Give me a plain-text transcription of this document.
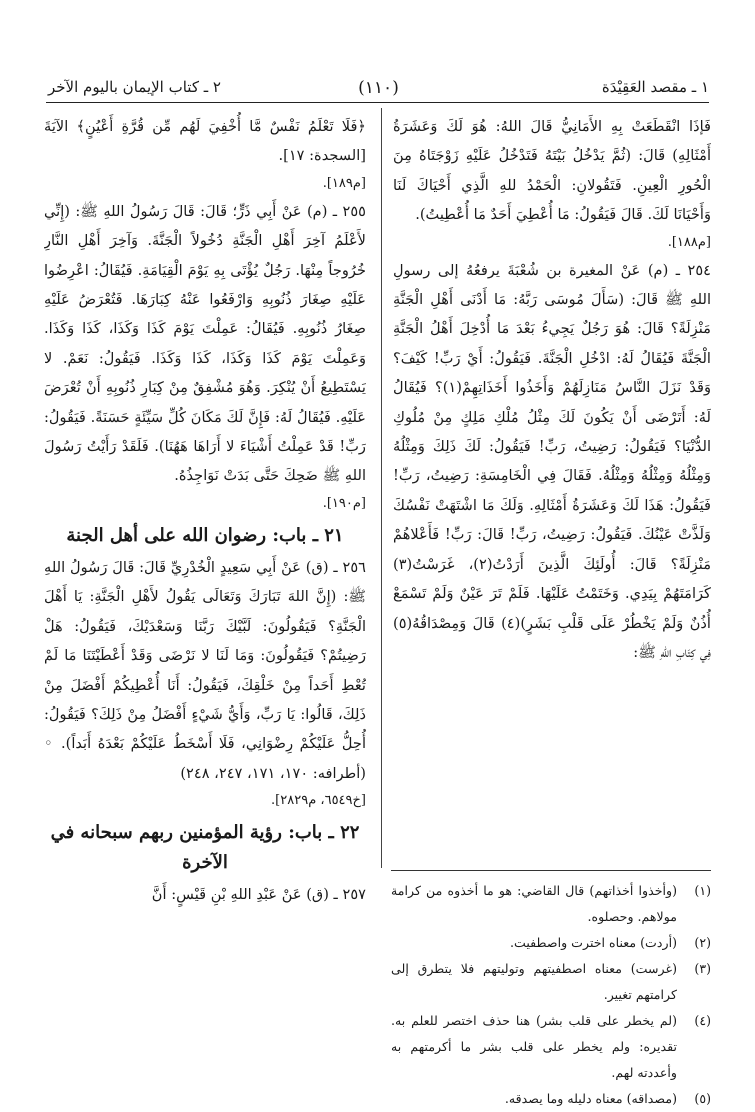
١ ـ مقصد العَقِيْدَة
(١١٠)
٢ ـ كتاب الإيمان باليوم الآخر

فَإذَا انْقَطَعَتْ بِهِ الأَمَانِيُّ قَالَ اللهُ: هُوَ لَكَ وَعَشَرَةُ أَمْثَالِهِ) قَالَ: (ثُمَّ يَدْخُلُ بَيْتَهُ فَتَدْخُلُ عَلَيْهِ زَوْجَتَاهُ مِنَ الْحُورِ الْعِينِ. فَتَقُولانِ: الْحَمْدُ للهِ الَّذِي أَحْيَاكَ لَنَا وَأَحْيَانَا لَكَ. قَالَ فَيَقُولُ: مَا أُعْطِيَ أَحَدٌ مَا أُعْطِيتُ).
[م١٨٨].

٢٥٤ ـ (م) عَنْ المغيرة بن شُعْبَةَ يرفعُهُ إلى رسولِ اللهِ ﷺ قَالَ: (سَأَلَ مُوسَى رَبَّهُ: مَا أَدْنَى أَهْلِ الْجَنَّةِ مَنْزِلَةً؟ قَالَ: هُوَ رَجُلٌ يَجِيءُ بَعْدَ مَا أُدْخِلَ أَهْلُ الْجَنَّةِ الْجَنَّةَ فَيُقَالُ لَهُ: ادْخُلِ الْجَنَّةَ. فَيَقُولُ: أَيْ رَبِّ! كَيْفَ؟ وَقَدْ نَزَلَ النَّاسُ مَنَازِلَهُمْ وَأَخَذُوا أَخَذَاتِهِمْ(١)؟ فَيُقَالُ لَهُ: أَتَرْضَى أَنْ يَكُونَ لَكَ مِثْلُ مُلْكِ مَلِكٍ مِنْ مُلُوكِ الدُّنْيَا؟ فَيَقُولُ: رَضِيتُ، رَبِّ! فَيَقُولُ: لَكَ ذَلِكَ وَمِثْلُهُ وَمِثْلُهُ وَمِثْلُهُ وَمِثْلُهُ. فَقَالَ فِي الْخَامِسَةِ: رَضِيتُ، رَبِّ! فَيَقُولُ: هَذَا لَكَ وَعَشَرَةُ أَمْثَالِهِ. وَلَكَ مَا اشْتَهَتْ نَفْسُكَ وَلَذَّتْ عَيْنُكَ. فَيَقُولُ: رَضِيتُ، رَبِّ! قَالَ: رَبِّ! فَأَعْلاهُمْ مَنْزِلَةً؟ قَالَ: أُولَئِكَ الَّذِينَ أَرَدْتُ(٢)، غَرَسْتُ(٣) كَرَامَتَهُمْ بِيَدِي. وَخَتَمْتُ عَلَيْهَا. فَلَمْ تَرَ عَيْنٌ وَلَمْ تَسْمَعْ أُذُنٌ وَلَمْ يَخْطُرْ عَلَى قَلْبِ بَشَرٍ)(٤) قَالَ وَمِصْدَاقُهُ(٥) فِي كِتَابِ اللهِ ﷺ:

(١)
(وأخذوا أخذاتهم) قال القاضي: هو ما أخذوه من كرامة مولاهم. وحصلوه.
(٢)
(أردت) معناه اخترت واصطفيت.
(٣)
(غرست) معناه اصطفيتهم وتوليتهم فلا يتطرق إلى كرامتهم تغيير.
(٤)
(لم يخطر على قلب بشر) هنا حذف اختصر للعلم به. تقديره: ولم يخطر على قلب بشر ما أكرمتهم به وأعددته لهم.
(٥)
(مصداقه) معناه دليله وما يصدقه.

﴿فَلَا تَعْلَمُ نَفْسٌ مَّا أُخْفِيَ لَهُم مِّن قُرَّةِ أَعْيُنٍ﴾ الآيَةَ [السجدة: ١٧].
[م١٨٩].

٢٥٥ ـ (م) عَنْ أَبِي ذَرٍّ؛ قَالَ: قَالَ رَسُولُ اللهِ ﷺ: (إِنِّي لأَعْلَمُ آخِرَ أَهْلِ الْجَنَّةِ دُخُولاً الْجَنَّةَ. وَآخِرَ أَهْلِ النَّارِ خُرُوجاً مِنْهَا. رَجُلٌ يُؤْتَى بِهِ يَوْمَ الْقِيَامَةِ. فَيُقَالُ: اعْرِضُوا عَلَيْهِ صِغَارَ ذُنُوبِهِ وَارْفَعُوا عَنْهُ كِبَارَهَا. فَتُعْرَضُ عَلَيْهِ صِغَارُ ذُنُوبِهِ. فَيُقَالُ: عَمِلْتَ يَوْمَ كَذَا وَكَذَا، كَذَا وَكَذَا. وَعَمِلْتَ يَوْمَ كَذَا وَكَذَا، كَذَا وَكَذَا. فَيَقُولُ: نَعَمْ. لا يَسْتَطِيعُ أَنْ يُنْكِرَ. وَهُوَ مُشْفِقٌ مِنْ كِبَارِ ذُنُوبِهِ أَنْ تُعْرَضَ عَلَيْهِ. فَيُقَالُ لَهُ: فَإِنَّ لَكَ مَكَانَ كُلِّ سَيِّئَةٍ حَسَنَةً. فَيَقُولُ: رَبِّ! قَدْ عَمِلْتُ أَشْيَاءَ لا أَرَاهَا هَهُنَا). فَلَقَدْ رَأَيْتُ رَسُولَ اللهِ ﷺ ضَحِكَ حَتَّى بَدَتْ نَوَاجِذُهُ.
[م١٩٠].

٢١ ـ باب: رضوان الله على أهل الجنة

٢٥٦ ـ (ق) عَنْ أَبِي سَعِيدٍ الْخُدْرِيِّ قَالَ: قَالَ رَسُولُ اللهِ ﷺ: (إِنَّ اللهَ تَبَارَكَ وَتَعَالَى يَقُولُ لأَهْلِ الْجَنَّةِ: يَا أَهْلَ الْجَنَّةِ؟ فَيَقُولُونَ: لَبَّيْكَ رَبَّنَا وَسَعْدَيْكَ، فَيَقُولُ: هَلْ رَضِيتُمْ؟ فَيَقُولُونَ: وَمَا لَنَا لا نَرْضَى وَقَدْ أَعْطَيْتَنَا مَا لَمْ تُعْطِ أَحَداً مِنْ خَلْقِكَ، فَيَقُولُ: أَنَا أُعْطِيكُمْ أَفْضَلَ مِنْ ذَلِكَ، قَالُوا: يَا رَبِّ، وَأَيُّ شَيْءٍ أَفْضَلُ مِنْ ذَلِكَ؟ فَيَقُولُ: أُحِلُّ عَلَيْكُمْ رِضْوَانِي، فَلَا أَسْخَطُ عَلَيْكُمْ بَعْدَهُ أَبَداً). ◦ (أطرافه: ١٧٠، ١٧١، ٢٤٧، ٢٤٨)
[خ٦٥٤٩، م٢٨٢٩].

٢٢ ـ باب: رؤية المؤمنين ربهم سبحانه في الآخرة

٢٥٧ ـ (ق) عَنْ عَبْدِ اللهِ بْنِ قَيْسٍ: أَنَّ
